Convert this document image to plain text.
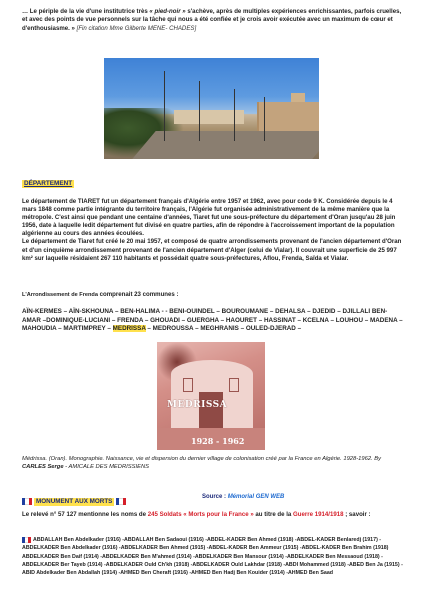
… Le périple de la vie d'une institutrice très « pied-noir » s'achève, après de multiples expériences enrichissantes, parfois cruelles, et avec des points de vue personnels sur la tâche qui nous a été confiée et je crois avoir exécutée avec un maximum de cœur et d'enthousiasme. » [Fin citation Mme Gilberte MENE- CHADES]
DÉPARTEMENT
Le département de TIARET fut un département français d'Algérie entre 1957 et 1962, avec pour code 9 K. Considérée depuis le 4 mars 1848 comme partie intégrante du territoire français, l'Algérie fut organisée administrativement de la même manière que la métropole. C'est ainsi que pendant une centaine d'années, Tiaret fut une sous-préfecture du département d'Oran jusqu'au 28 juin 1956, date à laquelle ledit département fut divisé en quatre parties, afin de répondre à l'accroissement important de la population algérienne au cours des années écoulées.
Le département de Tiaret fut créé le 20 mai 1957, et composé de quatre arrondissements provenant de l'ancien département d'Oran et d'un cinquième arrondissement provenant de l'ancien département d'Alger (celui de Vialar). Il couvrait une superficie de 25 997 km² sur laquelle résidaient 267 110 habitants et possédait quatre sous-préfectures, Aflou, Frenda, Saïda et Vialar.
L'Arrondissement de Frenda comprenait 23 communes :
AÏN-KERMES – AÏN-SKHOUNA – BEN-HALIMA - - BENI-OUINDEL – BOUROUMANE – DEHALSA – DJEDID – DJILLALI BEN-AMAR –DOMINIQUE-LUCIANI – FRENDA – GHOUADI – GUERGHA – HAOURET – HASSINAT – KCELNA – LOUHOU – MADENA –MAHOUDIA – MARTIMPREY – MEDRISSA – MEDROUSSA – MEGHRANIS – OULED-DJERAD –
MEDRISSA
1928 - 1962
Médrissa. (Oran). Monographie. Naissance, vie et dispersion du dernier village de colonisation créé par la France en Algérie. 1928-1962. By CARLES Serge - AMICALE DES MEDRISSIENS
MONUMENT AUX MORTS
Source : Mémorial GEN WEB
Le relevé n° 57 127 mentionne les noms de 245 Soldats « Morts pour la France » au titre de la Guerre 1914/1918 ; savoir :
ABDALLAH Ben Abdelkader (1916) -ABDALLAH Ben Sadaoui (1916) -ABDEL-KADER Ben Ahmed (1918) -ABDEL-KADER Benlaredj (1917) -ABDELKADER Ben Abdelkader (1916) -ABDELKADER Ben Ahmed (1915) -ABDEL-KADER Ben Ammeur (1915) -ABDEL-KADER Ben Brahim (1918) ABDELKADER Ben Daif (1914) -ABDELKADER Ben M'ahmed (1914) -ABDELKADER Ben Mansour (1914) -ABDELKADER Ben Messaoud (1918) -ABDELKADER Ber Tayeb (1914) -ABDELKADER Ould Ch'kh (1918) -ABDELKADER Ould Lakhdar (1918) -ABDI Mohammed (1918) -ABED Ben Ja (1915) -ABID Abdelkader Ben Abdallah (1914) -AHMED Ben Cheraft (1916) -AHMED Ben Hadj Ben Kouider (1914) -AHMED Ben Saad
